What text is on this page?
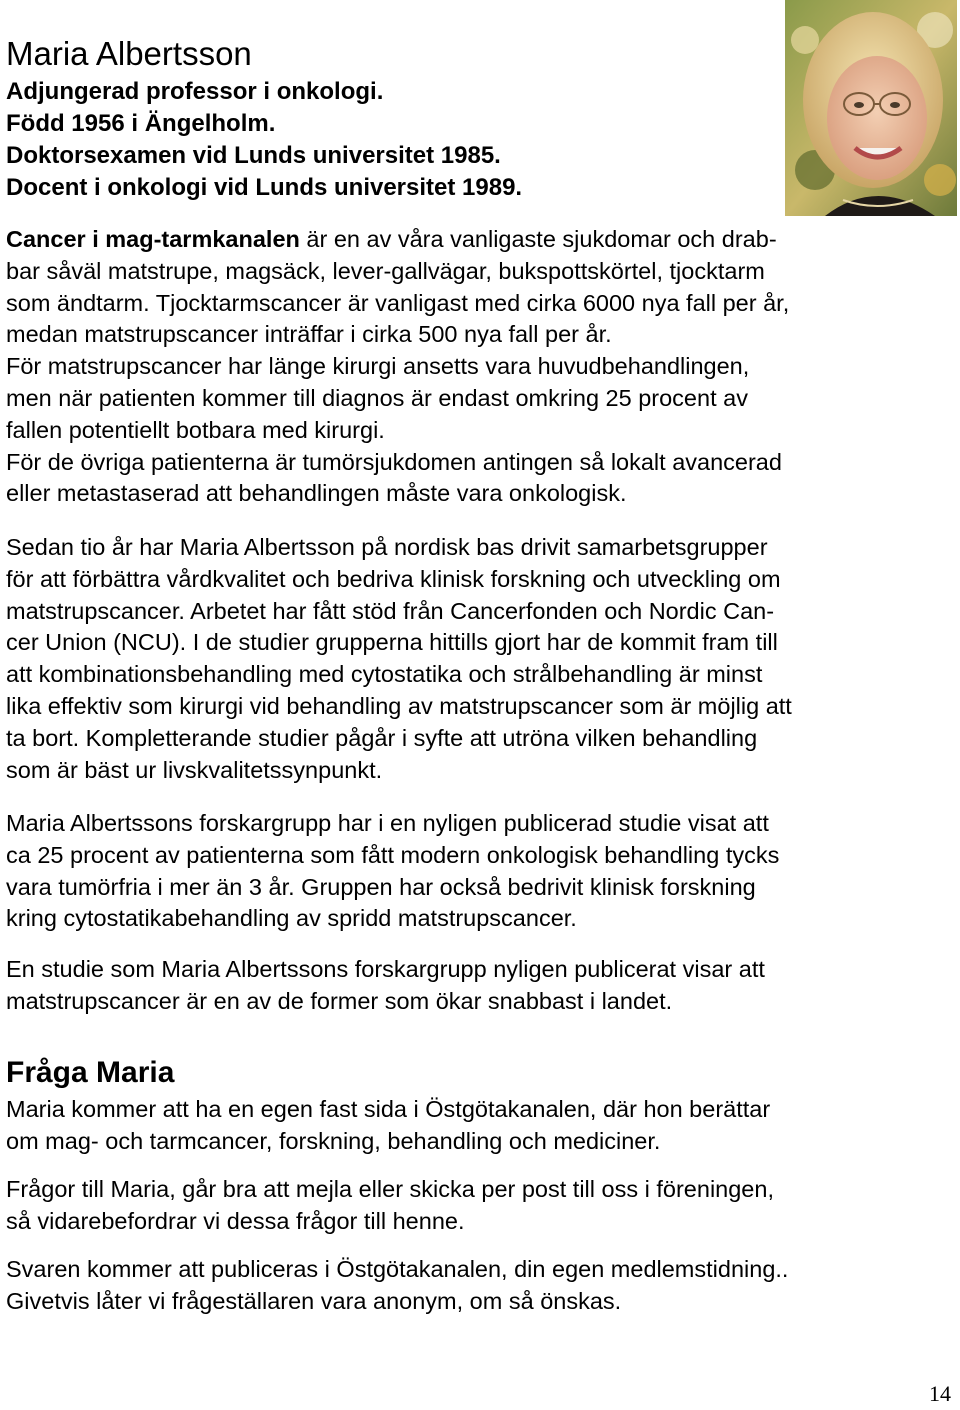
Maria Albertsson
Adjungerad professor i onkologi.
Född 1956 i Ängelholm.
Doktorsexamen vid Lunds universitet 1985.
Docent i onkologi vid Lunds universitet 1989.
Cancer i mag-tarmkanalen är en av våra vanligaste sjukdomar och drab-
bar såväl matstrupe, magsäck, lever-gallvägar, bukspottskörtel, tjocktarm
som ändtarm. Tjocktarmscancer är vanligast med cirka 6000 nya fall per år,
medan matstrupscancer inträffar i cirka 500 nya fall per år.
För matstrupscancer har länge kirurgi ansetts vara huvudbehandlingen,
men när patienten kommer till diagnos är endast omkring 25 procent av
fallen potentiellt botbara med kirurgi.
För de övriga patienterna är tumörsjukdomen antingen så lokalt avancerad
eller metastaserad att behandlingen måste vara onkologisk.
Sedan tio år har Maria Albertsson på nordisk bas drivit samarbetsgrupper
för att förbättra vårdkvalitet och bedriva klinisk forskning och utveckling om
matstrupscancer. Arbetet har fått stöd från Cancerfonden och Nordic Can-
cer Union (NCU). I de studier grupperna hittills gjort har de kommit fram till
att kombinationsbehandling med cytostatika och strålbehandling är minst
lika effektiv som kirurgi vid behandling av matstrupscancer som är möjlig att
ta bort. Kompletterande studier pågår i syfte att utröna vilken behandling
som är bäst ur livskvalitetssynpunkt.
Maria Albertssons forskargrupp har i en nyligen publicerad studie visat att
ca 25 procent av patienterna som fått modern onkologisk behandling tycks
vara tumörfria i mer än 3 år. Gruppen har också bedrivit klinisk forskning
kring cytostatikabehandling av spridd matstrupscancer.
En studie som Maria Albertssons forskargrupp nyligen publicerat visar att
matstrupscancer är en av de former som ökar snabbast i landet.
Fråga Maria
Maria kommer att ha en egen fast sida i Östgötakanalen, där hon berättar
om mag- och tarmcancer, forskning, behandling och mediciner.
Frågor till Maria, går bra att mejla eller skicka per post till oss i föreningen,
så vidarebefordrar vi dessa frågor till henne.
Svaren kommer att publiceras i Östgötakanalen, din egen medlemstidning..
Givetvis låter vi frågeställaren vara anonym, om så önskas.
14
